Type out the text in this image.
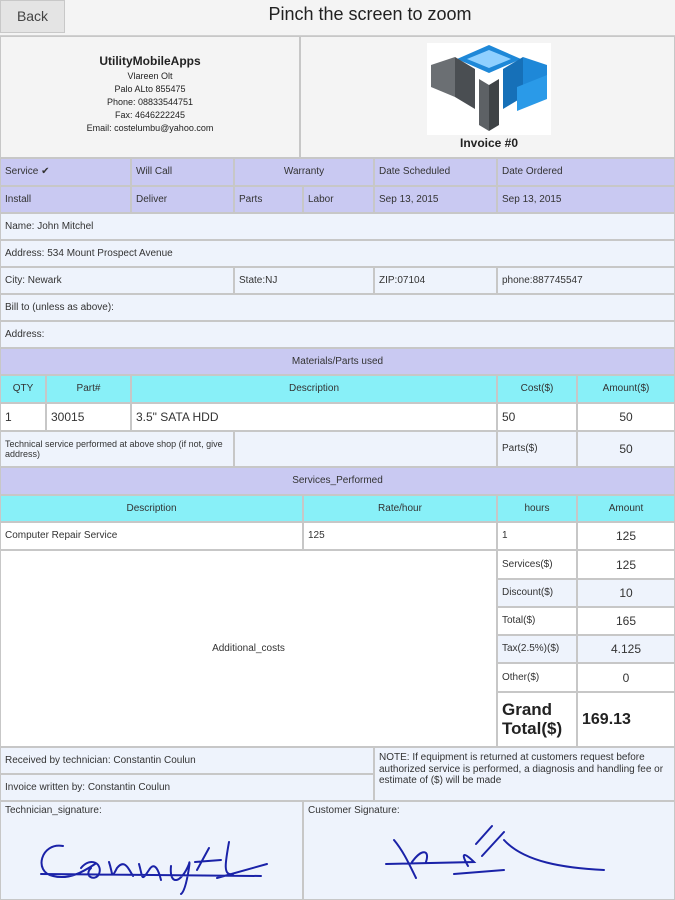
Back	Pinch the screen to zoom
UtilityMobileApps
Vlareen Olt
Palo ALto 855475
Phone: 08833544751
Fax: 4646222245
Email: costelumbu@yahoo.com
Invoice #0
Service ✔	Will Call	Warranty	Date Scheduled	Date Ordered
Install	Deliver	Parts	Labor	Sep 13, 2015	Sep 13, 2015
Name: John Mitchel
Address: 534 Mount Prospect Avenue
City: Newark	State:NJ	ZIP:07104	phone:887745547
Bill to (unless as above):
Address:
Materials/Parts used
QTY	Part#	Description	Cost($)	Amount($)
1	30015	3.5" SATA HDD	50	50
Technical service performed at above shop (if not, give address)	Parts($)	50
Services_Performed
Description	Rate/hour	hours	Amount
Computer Repair Service	125	1	125
Additional_costs
Services($)	125
Discount($)	10
Total($)	165
Tax(2.5%)($)	4.125
Other($)	0
Grand Total($)	169.13
Received by technician: Constantin Coulun
Invoice written by: Constantin Coulun
NOTE: If equipment is returned at customers request before authorized service is performed, a diagnosis and handling fee or estimate of ($) will be made
Technician_signature:	Customer Signature:
